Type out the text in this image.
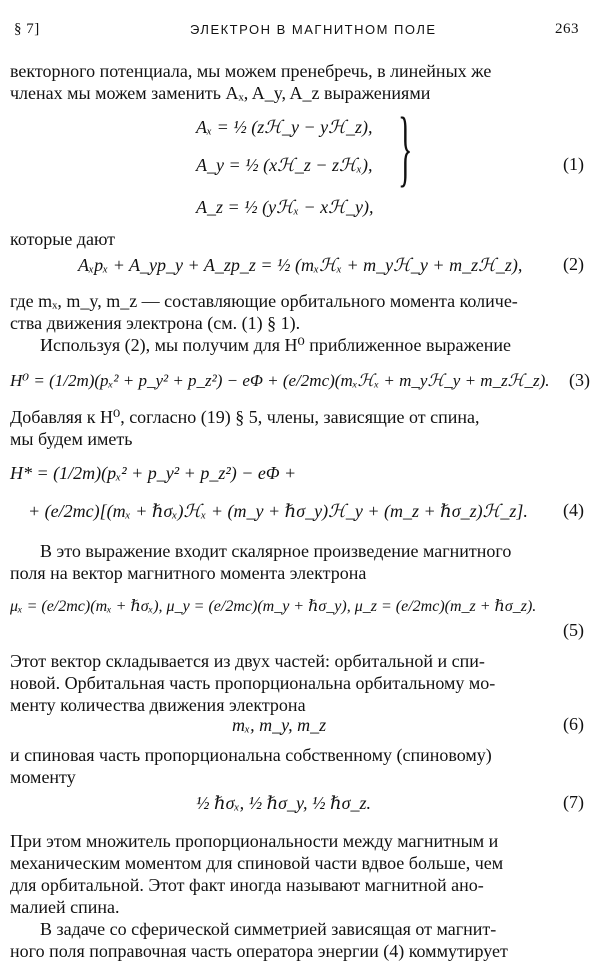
§ 7]	ЭЛЕКТРОН В МАГНИТНОМ ПОЛЕ	263
векторного потенциала, мы можем пренебречь, в линейных же
членах мы можем заменить Aₓ, A_y, A_z выражениями
Aₓ = ½ (zℋ_y − yℋ_z),
A_y = ½ (xℋ_z − zℋₓ),
A_z = ½ (yℋₓ − xℋ_y),
}	(1)
которые дают
Aₓpₓ + A_yp_y + A_zp_z = ½ (mₓℋₓ + m_yℋ_y + m_zℋ_z), (2)
где mₓ, m_y, m_z — составляющие орбитального момента количе-
ства движения электрона (см. (1) § 1).
Используя (2), мы получим для H⁰ приближенное выражение
H⁰ = (1/2m)(pₓ² + p_y² + p_z²) − eΦ + (e/2mc)(mₓℋₓ + m_yℋ_y + m_zℋ_z). (3)
Добавляя к H⁰, согласно (19) § 5, члены, зависящие от спина,
мы будем иметь
H* = (1/2m)(pₓ² + p_y² + p_z²) − eΦ +
+ (e/2mc)[(mₓ + ℏσₓ)ℋₓ + (m_y + ℏσ_y)ℋ_y + (m_z + ℏσ_z)ℋ_z]. (4)
В это выражение входит скалярное произведение магнитного
поля на вектор магнитного момента электрона
μₓ = (e/2mc)(mₓ + ℏσₓ), μ_y = (e/2mc)(m_y + ℏσ_y), μ_z = (e/2mc)(m_z + ℏσ_z).
(5)
Этот вектор складывается из двух частей: орбитальной и спи-
новой. Орбитальная часть пропорциональна орбитальному мо-
менту количества движения электрона
mₓ, m_y, m_z	(6)
и спиновая часть пропорциональна собственному (спиновому)
моменту
½ ℏσₓ, ½ ℏσ_y, ½ ℏσ_z.	(7)
При этом множитель пропорциональности между магнитным и
механическим моментом для спиновой части вдвое больше, чем
для орбитальной. Этот факт иногда называют магнитной ано-
малией спина.
В задаче со сферической симметрией зависящая от магнит-
ного поля поправочная часть оператора энергии (4) коммутирует
